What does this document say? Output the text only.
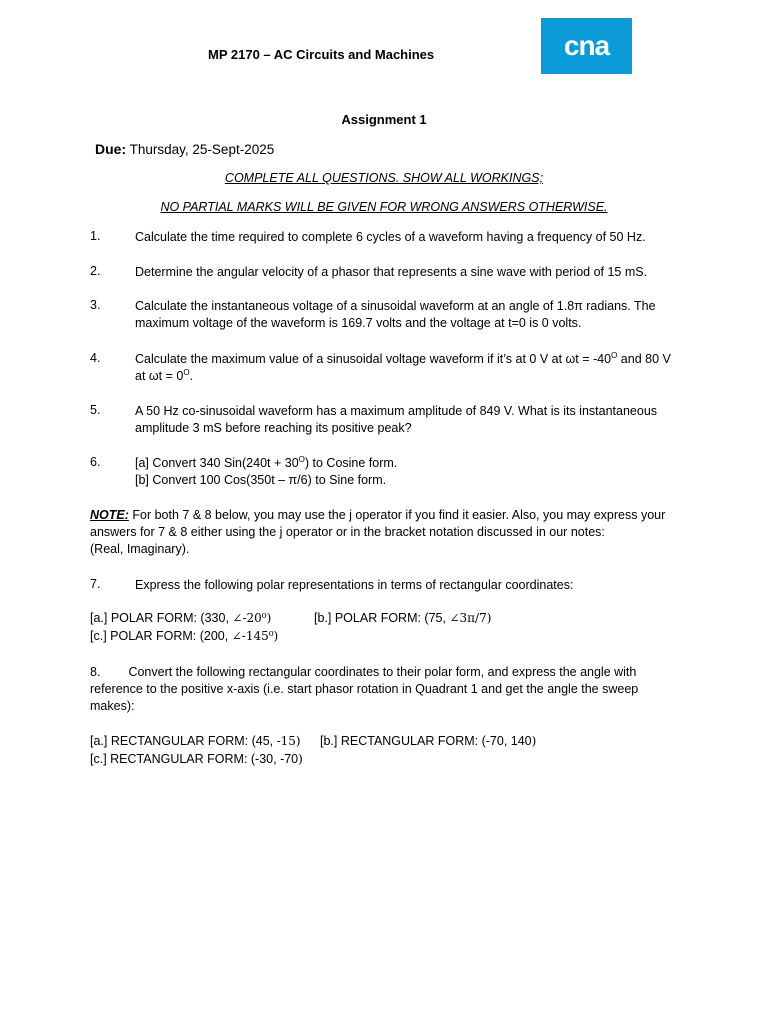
MP 2170 – AC Circuits and Machines	cna
Assignment 1
Due: Thursday, 25-Sept-2025
COMPLETE ALL QUESTIONS. SHOW ALL WORKINGS;
NO PARTIAL MARKS WILL BE GIVEN FOR WRONG ANSWERS OTHERWISE.
1.	Calculate the time required to complete 6 cycles of a waveform having a frequency of 50 Hz.
2.	Determine the angular velocity of a phasor that represents a sine wave with period of 15 mS.
3.	Calculate the instantaneous voltage of a sinusoidal waveform at an angle of 1.8π radians. The maximum voltage of the waveform is 169.7 volts and the voltage at t=0 is 0 volts.
4.	Calculate the maximum value of a sinusoidal voltage waveform if it’s at 0 V at $\omega t = -40^O$ and 80 V at $\omega t = 0^O$.
5.	A 50 Hz co-sinusoidal waveform has a maximum amplitude of 849 V. What is its instantaneous amplitude 3 mS before reaching its positive peak?
6.	[a] Convert 340 $Sin(240t + 30^O)$ to Cosine form.
[b] Convert 100 Cos(350t – π/6) to Sine form.
NOTE: For both 7 & 8 below, you may use the j operator if you find it easier. Also, you may express your answers for 7 & 8 either using the j operator or in the bracket notation discussed in our notes:
(Real, Imaginary).
7.	Express the following polar representations in terms of rectangular coordinates:
[a.] POLAR FORM: (330, ∠-20⁰)	[b.] POLAR FORM: (75, ∠3π/7)
[c.] POLAR FORM: (200, ∠-145⁰)
8. Convert the following rectangular coordinates to their polar form, and express the angle with reference to the positive x-axis (i.e. start phasor rotation in Quadrant 1 and get the angle the sweep makes):
[a.] RECTANGULAR FORM: (45, -15) [b.] RECTANGULAR FORM: (-70, 140)
[c.] RECTANGULAR FORM: (-30, -70)
